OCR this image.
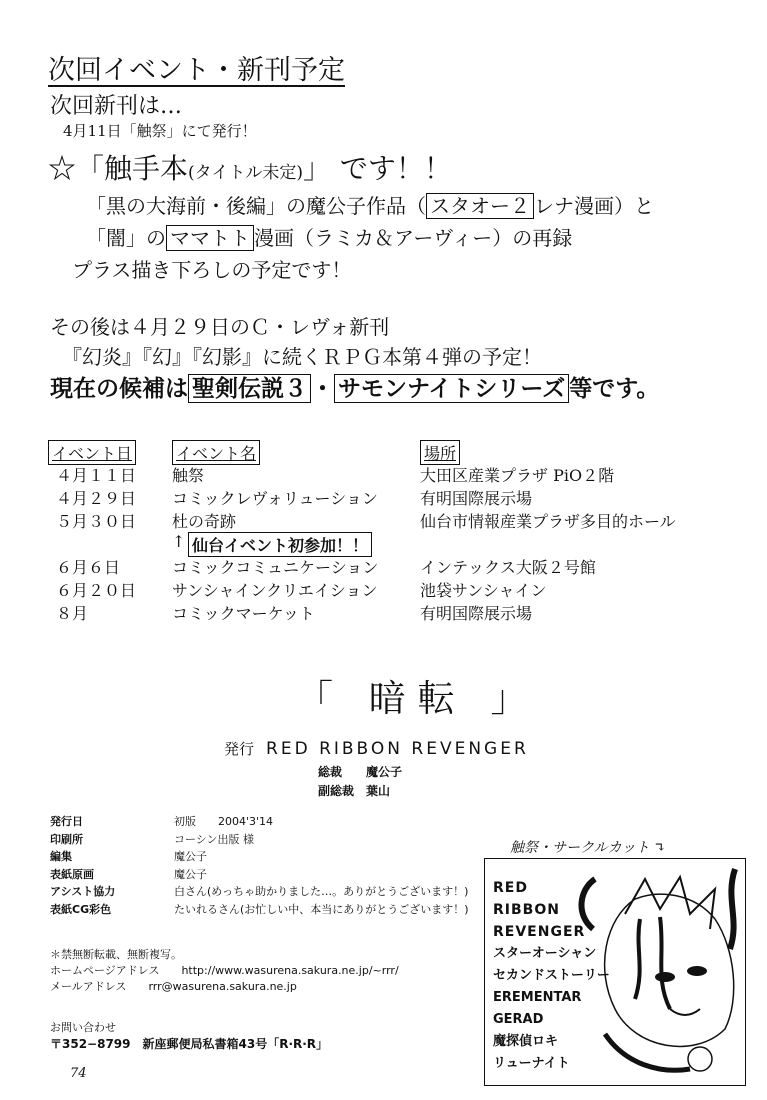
次回イベント・新刊予定
次回新刊は…
4月11日「触祭」にて発行！
☆「触手本(タイトル未定)」 です！！
「黒の大海前・後編」の魔公子作品（ スタオー２ レナ漫画）と
「闇」の ママトト 漫画（ラミカ＆アーヴィー）の再録
プラス描き下ろしの予定です！
その後は４月２９日のＣ・レヴォ新刊
『幻炎』『幻』『幻影』に続くＲＰＧ本第４弾の予定！
現在の候補は 聖剣伝説３ ・ サモンナイトシリーズ 等です。
イベント日	イベント名	場所
４月１１日 触祭	大田区産業プラザ PiO２階
４月２９日 コミックレヴォリューション	有明国際展示場
５月３０日 杜の奇跡	仙台市情報産業プラザ多目的ホール
↑ 仙台イベント初参加！！
６月６日	コミックコミュニケーション	インテックス大阪２号館
６月２０日 サンシャインクリエイション	池袋サンシャイン
８月	コミックマーケット	有明国際展示場
「 暗転 」
発行 RED RIBBON REVENGER
総裁　　 魔公子
副総裁　 葉山
発行日	初版　　2004'3'14
印刷所	コーシン出版 様
編集	魔公子
表紙原画	魔公子
アシスト協力	白さん(めっちゃ助かりました…。ありがとうございます！)
表紙CG彩色	たいれるさん(お忙しい中、本当にありがとうございます！)
＊禁無断転載、無断複写。
ホームページアドレス　　 http://www.wasurena.sakura.ne.jp/~rrr/
メールアドレス　　 rrr@wasurena.sakura.ne.jp
お問い合わせ
〒352−8799　新座郵便局私書箱43号「R·R·R」
74
触祭・サークルカット ↴
RED
RIBBON
REVENGER
スターオーシャン
セカンドストーリー
EREMENTAR
GERAD
魔探偵ロキ
リューナイト
